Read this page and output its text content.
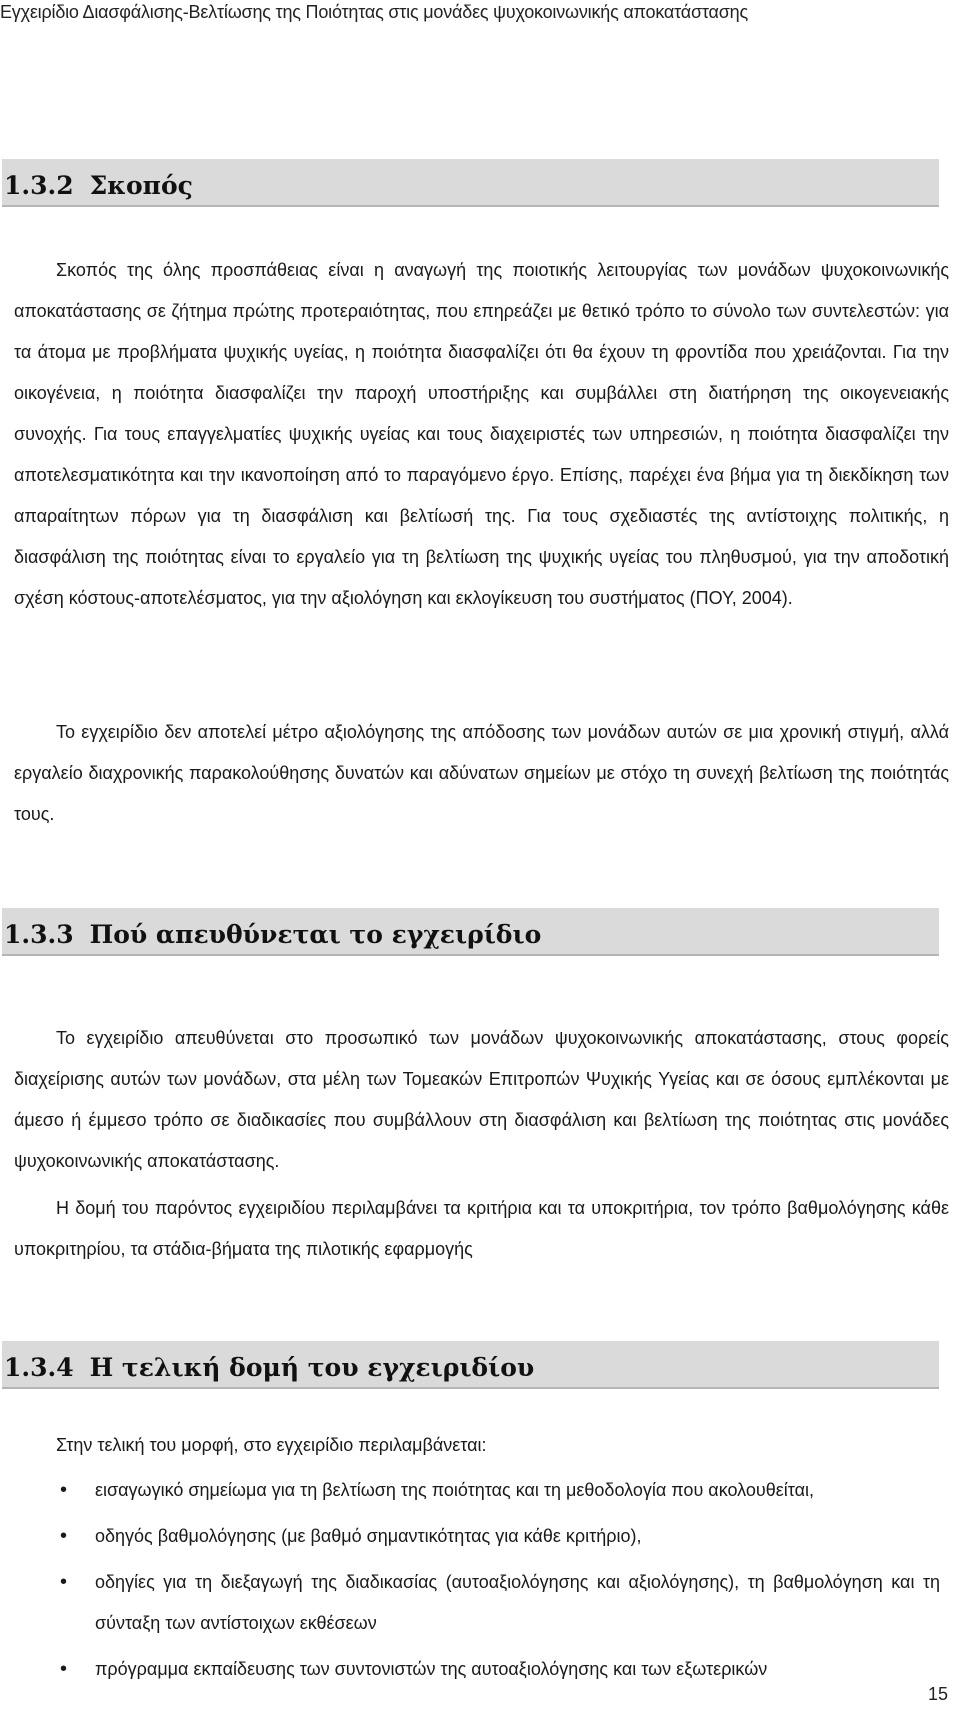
Εγχειρίδιο Διασφάλισης-Βελτίωσης της Ποιότητας στις μονάδες ψυχοκοινωνικής αποκατάστασης
1.3.2 Σκοπός

Σκοπός της όλης προσπάθειας είναι η αναγωγή της ποιοτικής λειτουργίας των μονάδων ψυχοκοινωνικής αποκατάστασης σε ζήτημα πρώτης προτεραιότητας, που επηρεάζει με θετικό τρόπο το σύνολο των συντελεστών: για τα άτομα με προβλήματα ψυχικής υγείας, η ποιότητα διασφαλίζει ότι θα έχουν τη φροντίδα που χρειάζονται. Για την οικογένεια, η ποιότητα διασφαλίζει την παροχή υποστήριξης και συμβάλλει στη διατήρηση της οικογενειακής συνοχής. Για τους επαγγελματίες ψυχικής υγείας και τους διαχειριστές των υπηρεσιών, η ποιότητα διασφαλίζει την αποτελεσματικότητα και την ικανοποίηση από το παραγόμενο έργο. Επίσης, παρέχει ένα βήμα για τη διεκδίκηση των απαραίτητων πόρων για τη διασφάλιση και βελτίωσή της. Για τους σχεδιαστές της αντίστοιχης πολιτικής, η διασφάλιση της ποιότητας είναι το εργαλείο για τη βελτίωση της ψυχικής υγείας του πληθυσμού, για την αποδοτική σχέση κόστους-αποτελέσματος, για την αξιολόγηση και εκλογίκευση του συστήματος (ΠΟΥ, 2004).

Το εγχειρίδιο δεν αποτελεί μέτρο αξιολόγησης της απόδοσης των μονάδων αυτών σε μια χρονική στιγμή, αλλά εργαλείο διαχρονικής παρακολούθησης δυνατών και αδύνατων σημείων με στόχο τη συνεχή βελτίωση της ποιότητάς τους.

1.3.3 Πού απευθύνεται το εγχειρίδιο

Το εγχειρίδιο απευθύνεται στο προσωπικό των μονάδων ψυχοκοινωνικής αποκατάστασης, στους φορείς διαχείρισης αυτών των μονάδων, στα μέλη των Τομεακών Επιτροπών Ψυχικής Υγείας και σε όσους εμπλέκονται με άμεσο ή έμμεσο τρόπο σε διαδικασίες που συμβάλλουν στη διασφάλιση και βελτίωση της ποιότητας στις μονάδες ψυχοκοινωνικής αποκατάστασης.

Η δομή του παρόντος εγχειριδίου περιλαμβάνει τα κριτήρια και τα υποκριτήρια, τον τρόπο βαθμολόγησης κάθε υποκριτηρίου, τα στάδια-βήματα της πιλοτικής εφαρμογής

1.3.4 Η τελική δομή του εγχειριδίου

Στην τελική του μορφή, στο εγχειρίδιο περιλαμβάνεται:

• εισαγωγικό σημείωμα για τη βελτίωση της ποιότητας και τη μεθοδολογία που ακολουθείται,
• οδηγός βαθμολόγησης (με βαθμό σημαντικότητας για κάθε κριτήριο),
• οδηγίες για τη διεξαγωγή της διαδικασίας (αυτοαξιολόγησης και αξιολόγησης), τη βαθμολόγηση και τη σύνταξη των αντίστοιχων εκθέσεων
• πρόγραμμα εκπαίδευσης των συντονιστών της αυτοαξιολόγησης και των εξωτερικών
15
